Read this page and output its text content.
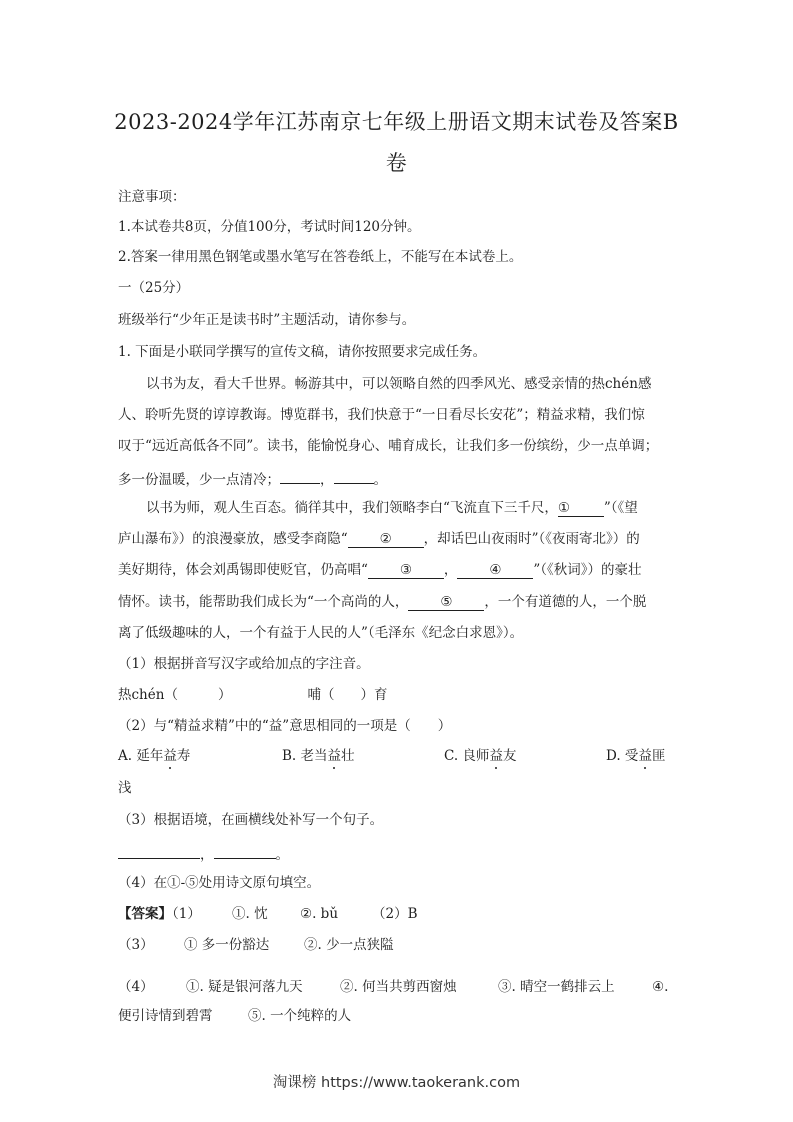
2023-2024学年江苏南京七年级上册语文期末试卷及答案B
卷
注意事项：
1.本试卷共8页，分值100分，考试时间120分钟。
2.答案一律用黑色钢笔或墨水笔写在答卷纸上，不能写在本试卷上。
一（25分）
班级举行“少年正是读书时”主题活动，请你参与。
1. 下面是小联同学撰写的宣传文稿，请你按照要求完成任务。
以书为友，看大千世界。畅游其中，可以领略自然的四季风光、感受亲情的热chén感
人、聆听先贤的谆谆教诲。博览群书，我们快意于“一日看尽长安花”；精益求精，我们惊
叹于“远近高低各不同”。读书，能愉悦身心、哺育成长，让我们多一份缤纷，少一点单调；
多一份温暖，少一点清冷；	，	。
以书为师，观人生百态。徜徉其中，我们领略李白“飞流直下三千尺，①	”（《望
庐山瀑布》）的浪漫豪放，感受李商隐“ ② ，却话巴山夜雨时”（《夜雨寄北》）的
美好期待，体会刘禹锡即使贬官，仍高唱“ ③ ， ④ ”（《秋词》）的豪壮
情怀。读书，能帮助我们成长为“一个高尚的人， ⑤ ，一个有道德的人，一个脱
离了低级趣味的人，一个有益于人民的人”（毛泽东《纪念白求恩》）。
（1）根据拼音写汉字或给加点的字注音。
热chén（	）	哺（ ）育
（2）与“精益求精”中的“益”意思相同的一项是（　　）
A. 延年益寿	B. 老当益壮	C. 良师益友	D. 受益匪
浅
（3）根据语境，在画横线处补写一个句子。
，	。
（4）在①-⑤处用诗文原句填空。
【答案】（1） ①. 忱 ②. bǔ	（2）B
（3） ① 多一份豁达	②. 少一点狭隘
（4） ①. 疑是银河落九天	②. 何当共剪西窗烛	③. 晴空一鹤排云上	④.
便引诗情到碧霄	⑤. 一个纯粹的人
淘课榜 https://www.taokerank.com
